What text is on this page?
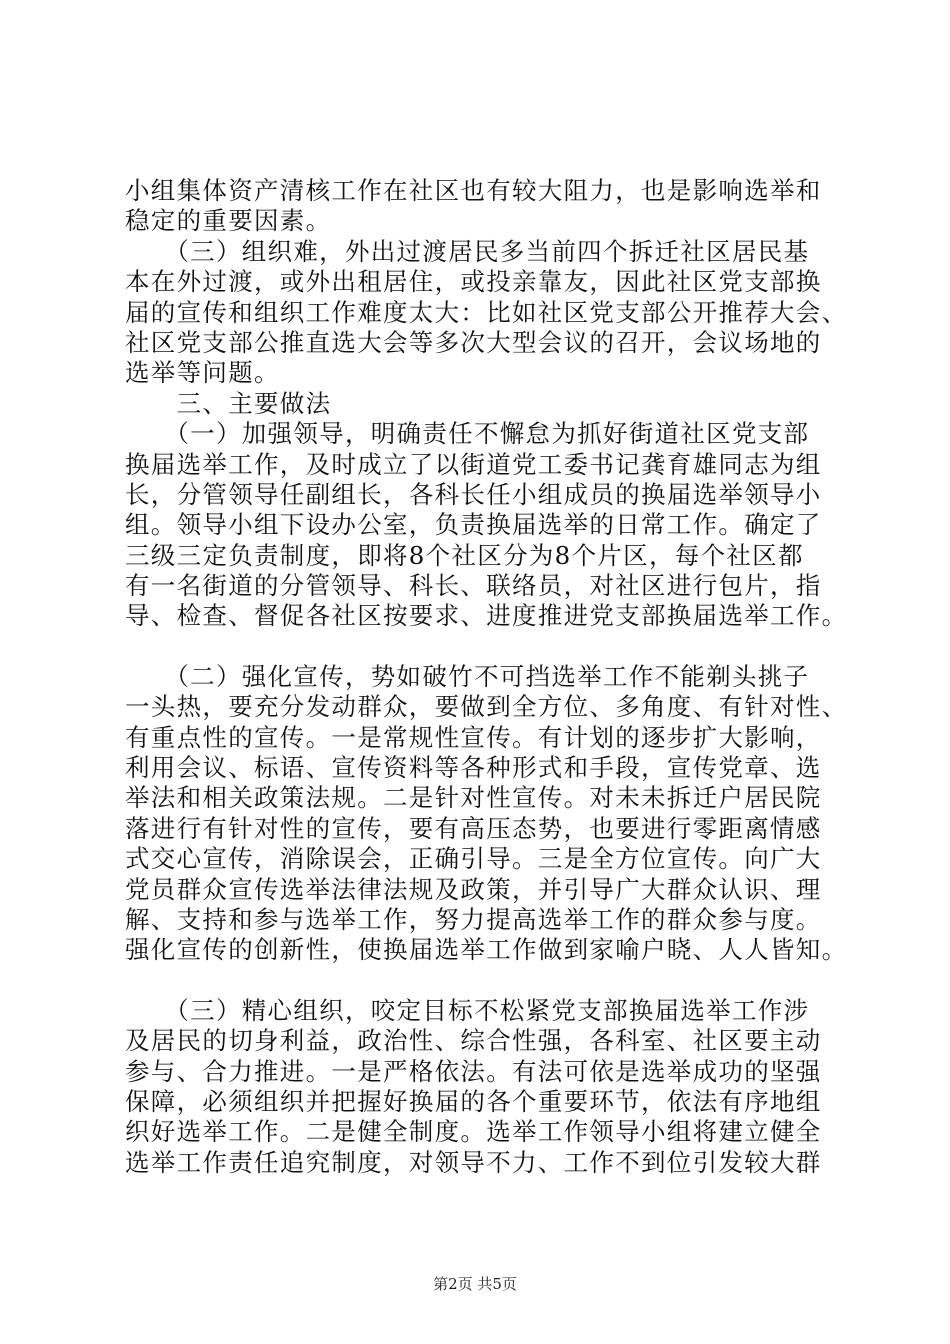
小组集体资产清核工作在社区也有较大阻力，也是影响选举和

稳定的重要因素。

　　（三）组织难，外出过渡居民多当前四个拆迁社区居民基

本在外过渡，或外出租居住，或投亲靠友，因此社区党支部换

届的宣传和组织工作难度太大：比如社区党支部公开推荐大会、

社区党支部公推直选大会等多次大型会议的召开，会议场地的

选举等问题。

　　三、主要做法

　　（一）加强领导，明确责任不懈怠为抓好街道社区党支部

换届选举工作，及时成立了以街道党工委书记龚育雄同志为组

长，分管领导任副组长，各科长任小组成员的换届选举领导小

组。领导小组下设办公室，负责换届选举的日常工作。确定了

三级三定负责制度，即将8个社区分为8个片区，每个社区都

有一名街道的分管领导、科长、联络员，对社区进行包片，指

导、检查、督促各社区按要求、进度推进党支部换届选举工作。

　　（二）强化宣传，势如破竹不可挡选举工作不能剃头挑子

一头热，要充分发动群众，要做到全方位、多角度、有针对性、

有重点性的宣传。一是常规性宣传。有计划的逐步扩大影响，

利用会议、标语、宣传资料等各种形式和手段，宣传党章、选

举法和相关政策法规。二是针对性宣传。对未未拆迁户居民院

落进行有针对性的宣传，要有高压态势，也要进行零距离情感

式交心宣传，消除误会，正确引导。三是全方位宣传。向广大

党员群众宣传选举法律法规及政策，并引导广大群众认识、理

解、支持和参与选举工作，努力提高选举工作的群众参与度。

强化宣传的创新性，使换届选举工作做到家喻户晓、人人皆知。

　　（三）精心组织，咬定目标不松紧党支部换届选举工作涉

及居民的切身利益，政治性、综合性强，各科室、社区要主动

参与、合力推进。一是严格依法。有法可依是选举成功的坚强

保障，必须组织并把握好换届的各个重要环节，依法有序地组

织好选举工作。二是健全制度。选举工作领导小组将建立健全

选举工作责任追究制度，对领导不力、工作不到位引发较大群

第2页 共5页
